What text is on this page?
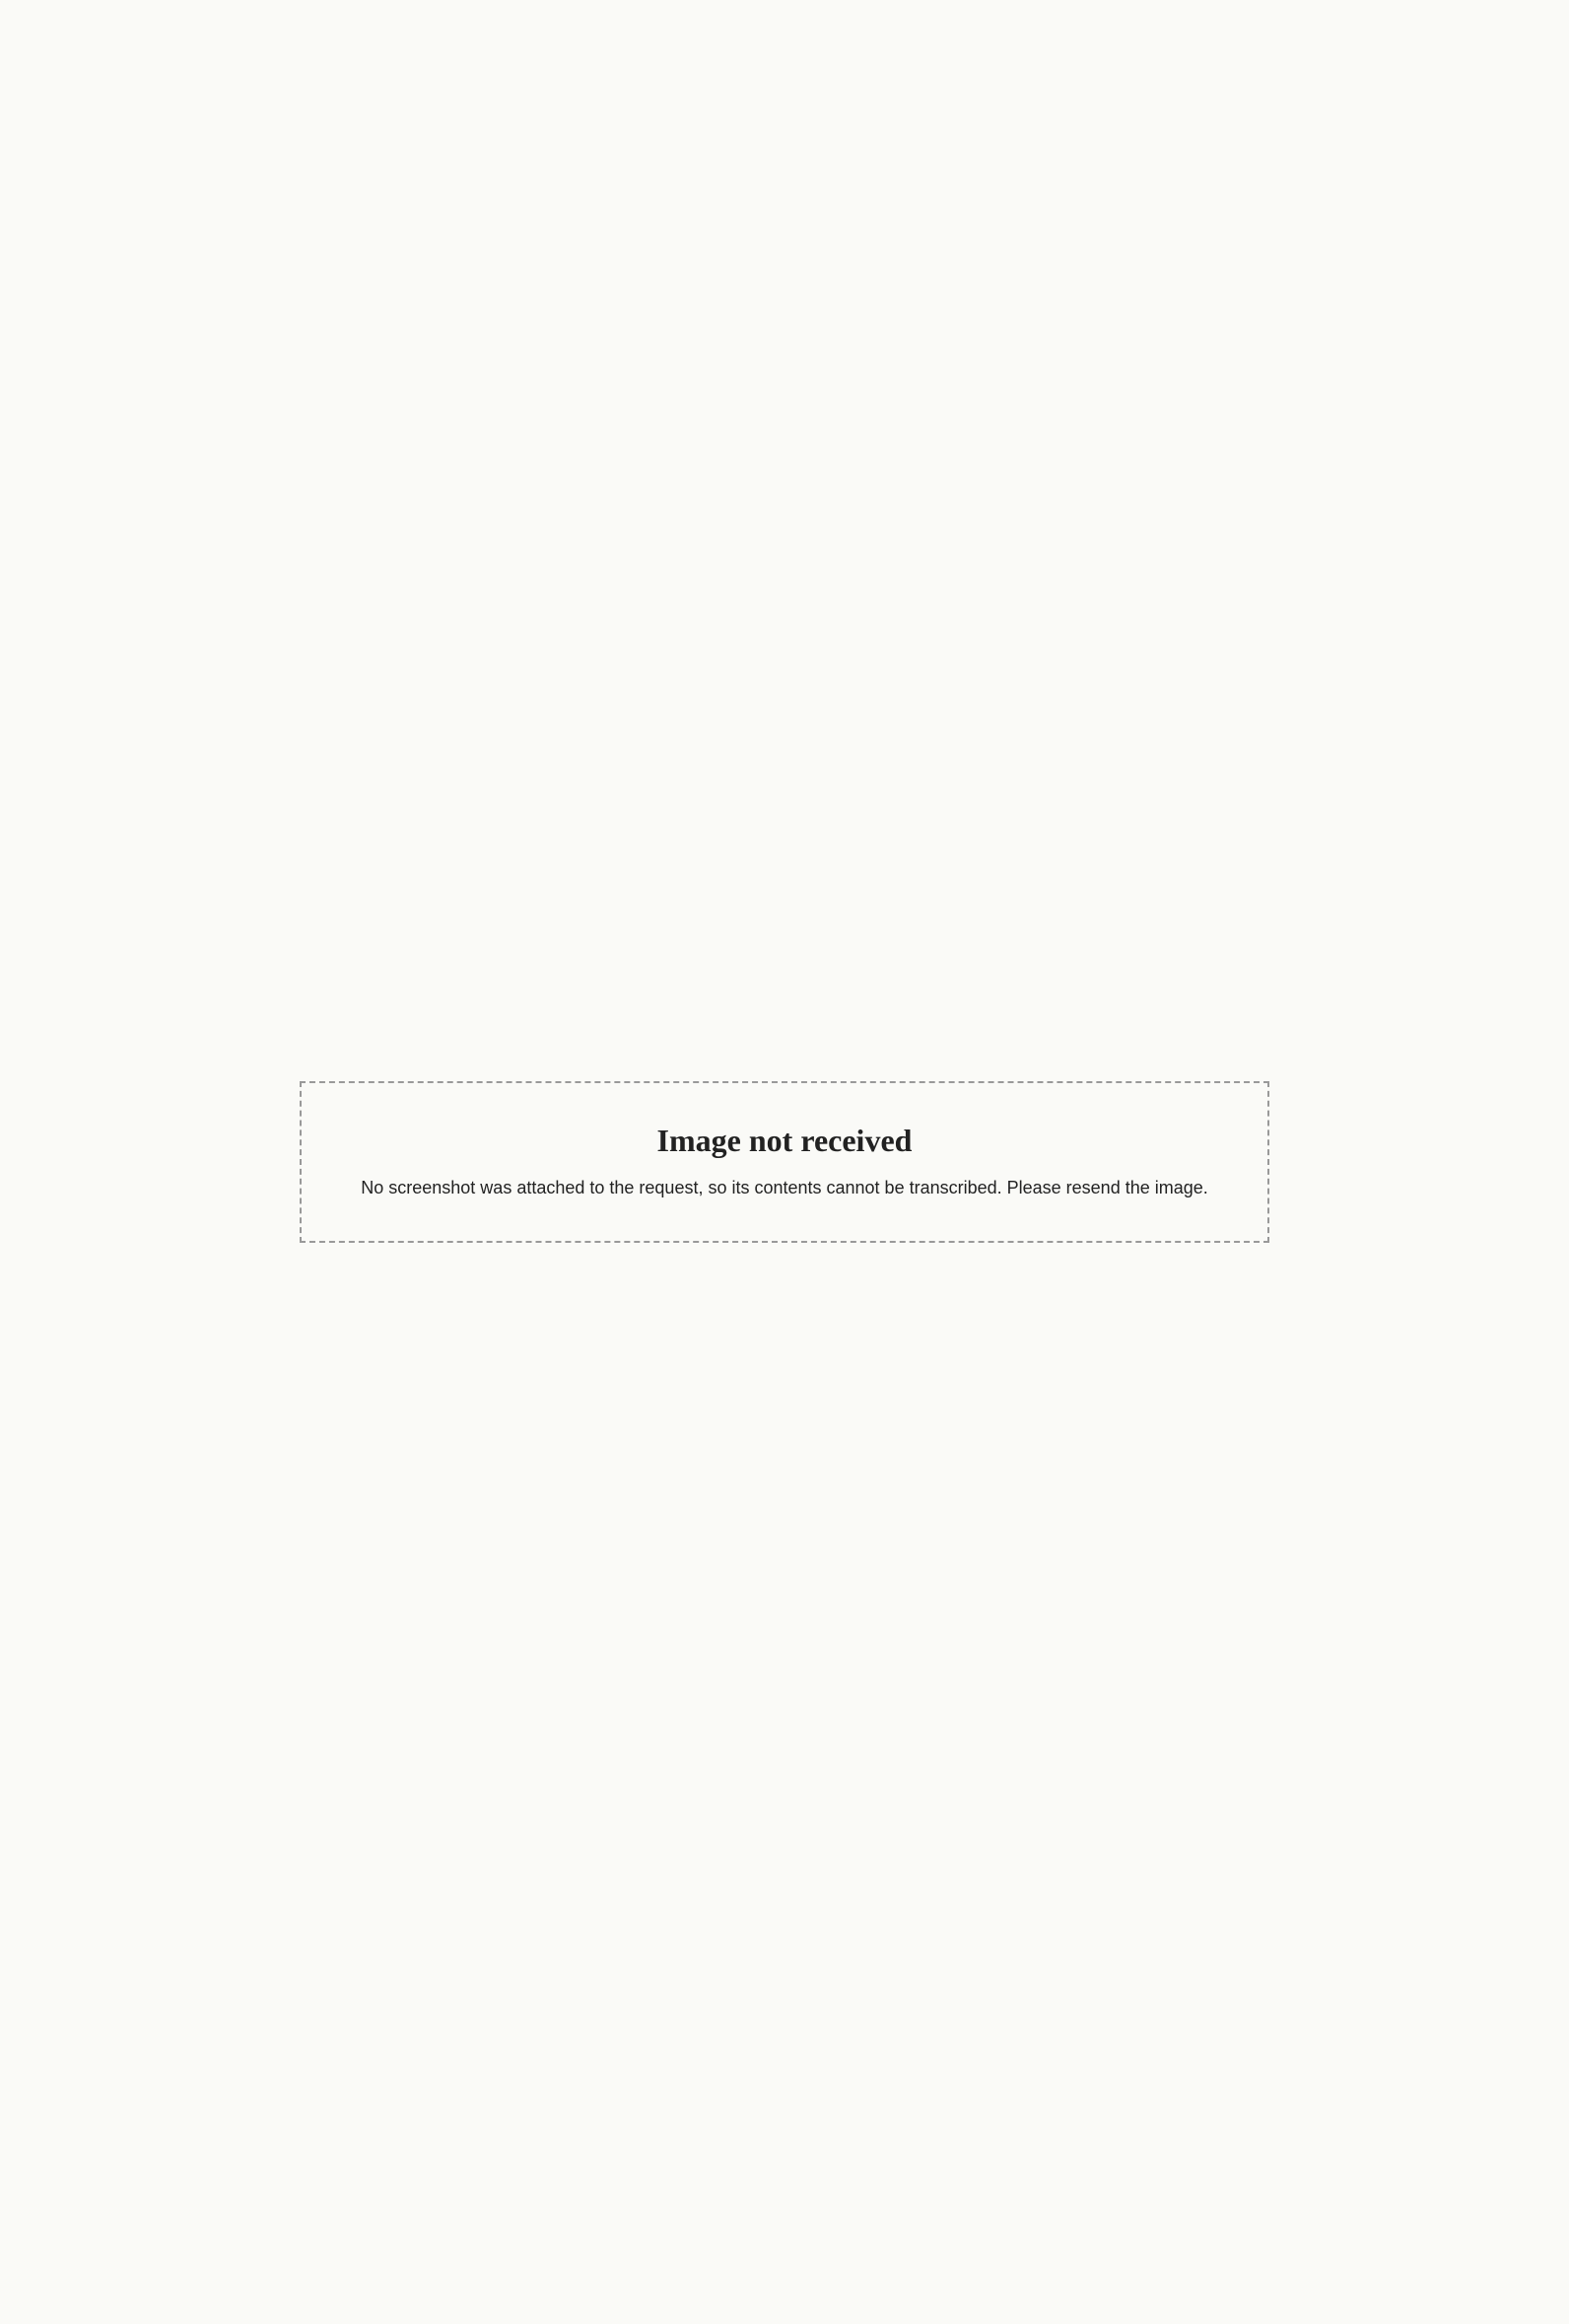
Image not received

No screenshot was attached to the request, so its contents cannot be transcribed. Please resend the image.
